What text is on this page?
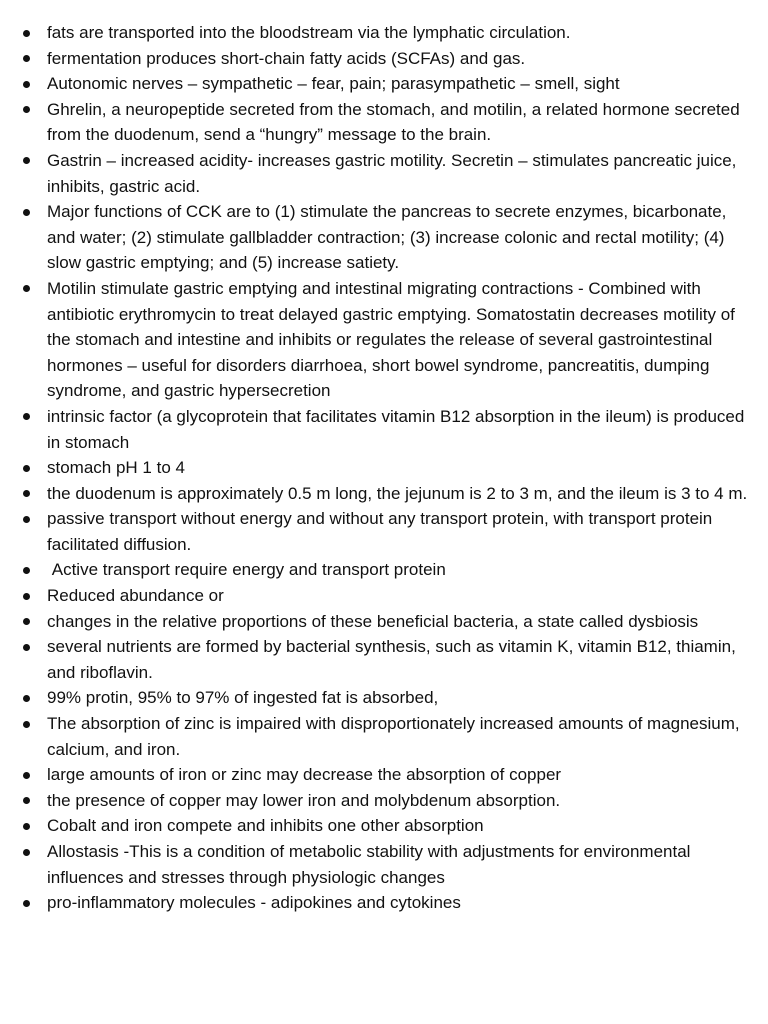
fats are transported into the bloodstream via the lymphatic circulation.
fermentation produces short-chain fatty acids (SCFAs) and gas.
Autonomic nerves – sympathetic – fear, pain; parasympathetic – smell, sight
Ghrelin, a neuropeptide secreted from the stomach, and motilin, a related hormone secreted from the duodenum, send a “hungry” message to the brain.
Gastrin – increased acidity- increases gastric motility. Secretin – stimulates pancreatic juice, inhibits, gastric acid.
Major functions of CCK are to (1) stimulate the pancreas to secrete enzymes, bicarbonate, and water; (2) stimulate gallbladder contraction; (3) increase colonic and rectal motility; (4) slow gastric emptying; and (5) increase satiety.
Motilin stimulate gastric emptying and intestinal migrating contractions - Combined with antibiotic erythromycin to treat delayed gastric emptying. Somatostatin decreases motility of the stomach and intestine and inhibits or regulates the release of several gastrointestinal hormones – useful for disorders diarrhoea, short bowel syndrome, pancreatitis, dumping syndrome, and gastric hypersecretion
intrinsic factor (a glycoprotein that facilitates vitamin B12 absorption in the ileum) is produced in stomach
stomach pH 1 to 4
the duodenum is approximately 0.5 m long, the jejunum is 2 to 3 m, and the ileum is 3 to 4 m.
passive transport without energy and without any transport protein, with transport protein facilitated diffusion.
Active transport require energy and transport protein
Reduced abundance or
changes in the relative proportions of these beneficial bacteria, a state called dysbiosis
several nutrients are formed by bacterial synthesis, such as vitamin K, vitamin B12, thiamin, and riboflavin.
99% protin, 95% to 97% of ingested fat is absorbed,
The absorption of zinc is impaired with disproportionately increased amounts of magnesium, calcium, and iron.
large amounts of iron or zinc may decrease the absorption of copper
the presence of copper may lower iron and molybdenum absorption.
Cobalt and iron compete and inhibits one other absorption
Allostasis -This is a condition of metabolic stability with adjustments for environmental influences and stresses through physiologic changes
pro-inflammatory molecules - adipokines and cytokines
